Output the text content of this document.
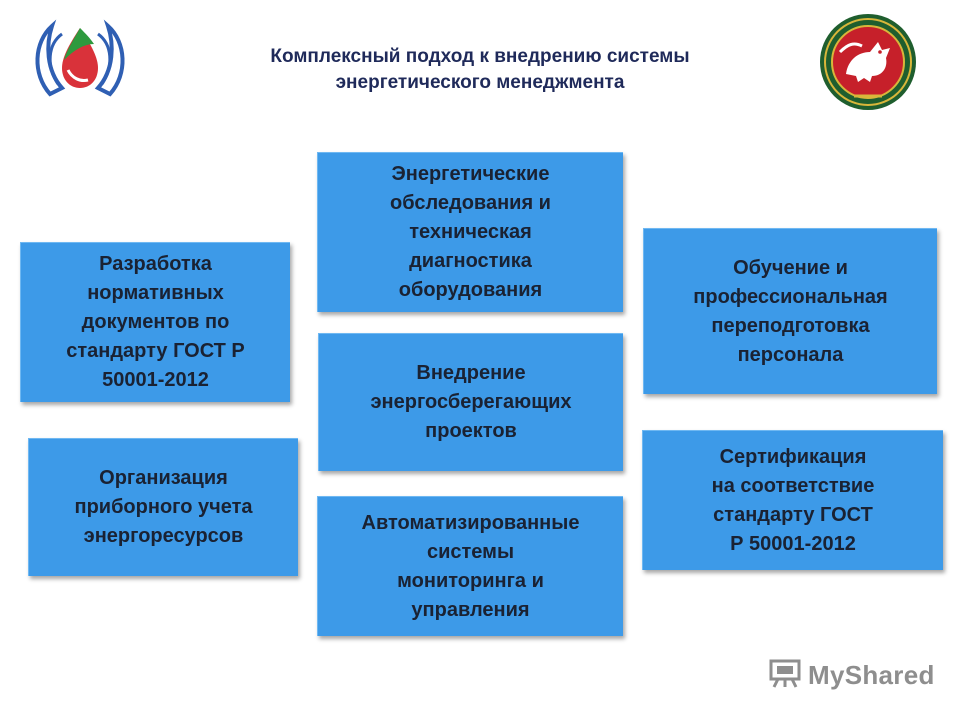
Комплексный подход к внедрению системы
энергетического менеджмента
Разработка
нормативных
документов по
стандарту ГОСТ Р
50001-2012
Организация
приборного учета
энергоресурсов
Энергетические
обследования и
техническая
диагностика
оборудования
Внедрение
энергосберегающих
проектов
Автоматизированные
системы
мониторинга и
управления
Обучение и
профессиональная
переподготовка
персонала
Сертификация
на соответствие
стандарту ГОСТ
Р 50001-2012
MyShared
